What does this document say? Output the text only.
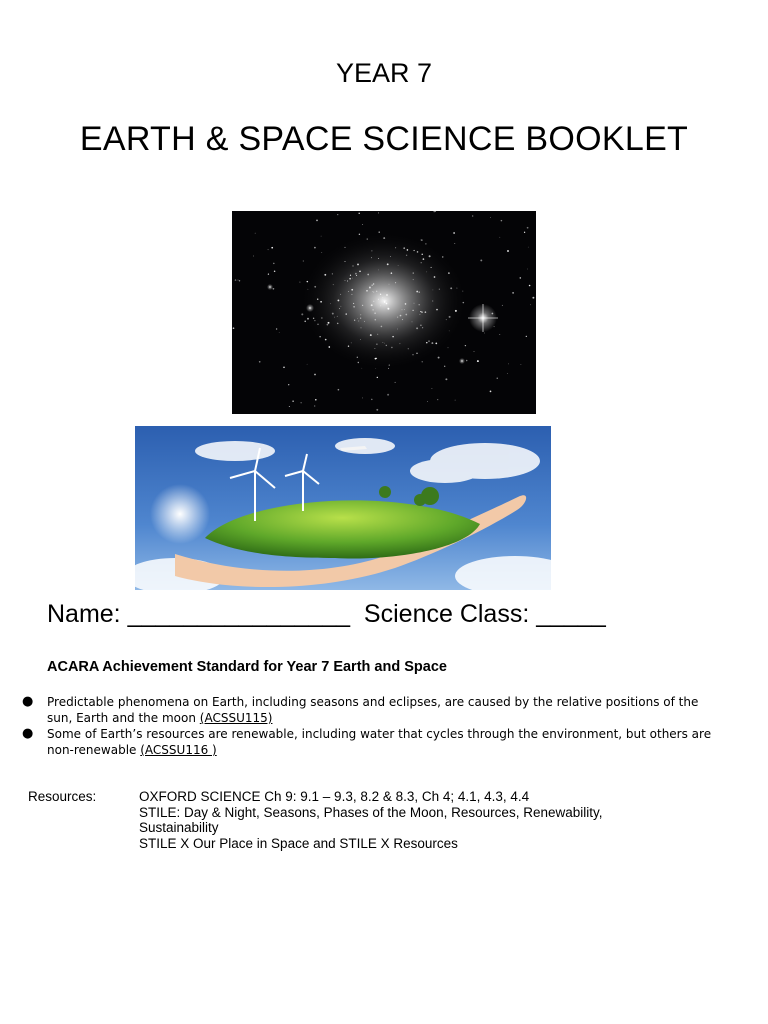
YEAR 7
EARTH & SPACE SCIENCE BOOKLET
Name: ________________  Science Class: _____
ACARA Achievement Standard for Year 7 Earth and Space
● Predictable phenomena on Earth, including seasons and eclipses, are caused by the relative positions of the sun, Earth and the moon (ACSSU115)
● Some of Earth’s resources are renewable, including water that cycles through the environment, but others are non-renewable (ACSSU116 )
Resources:	OXFORD SCIENCE Ch 9: 9.1 – 9.3, 8.2 & 8.3, Ch 4; 4.1, 4.3, 4.4
STILE: Day & Night, Seasons, Phases of the Moon, Resources, Renewability, Sustainability
STILE X Our Place in Space and STILE X Resources
